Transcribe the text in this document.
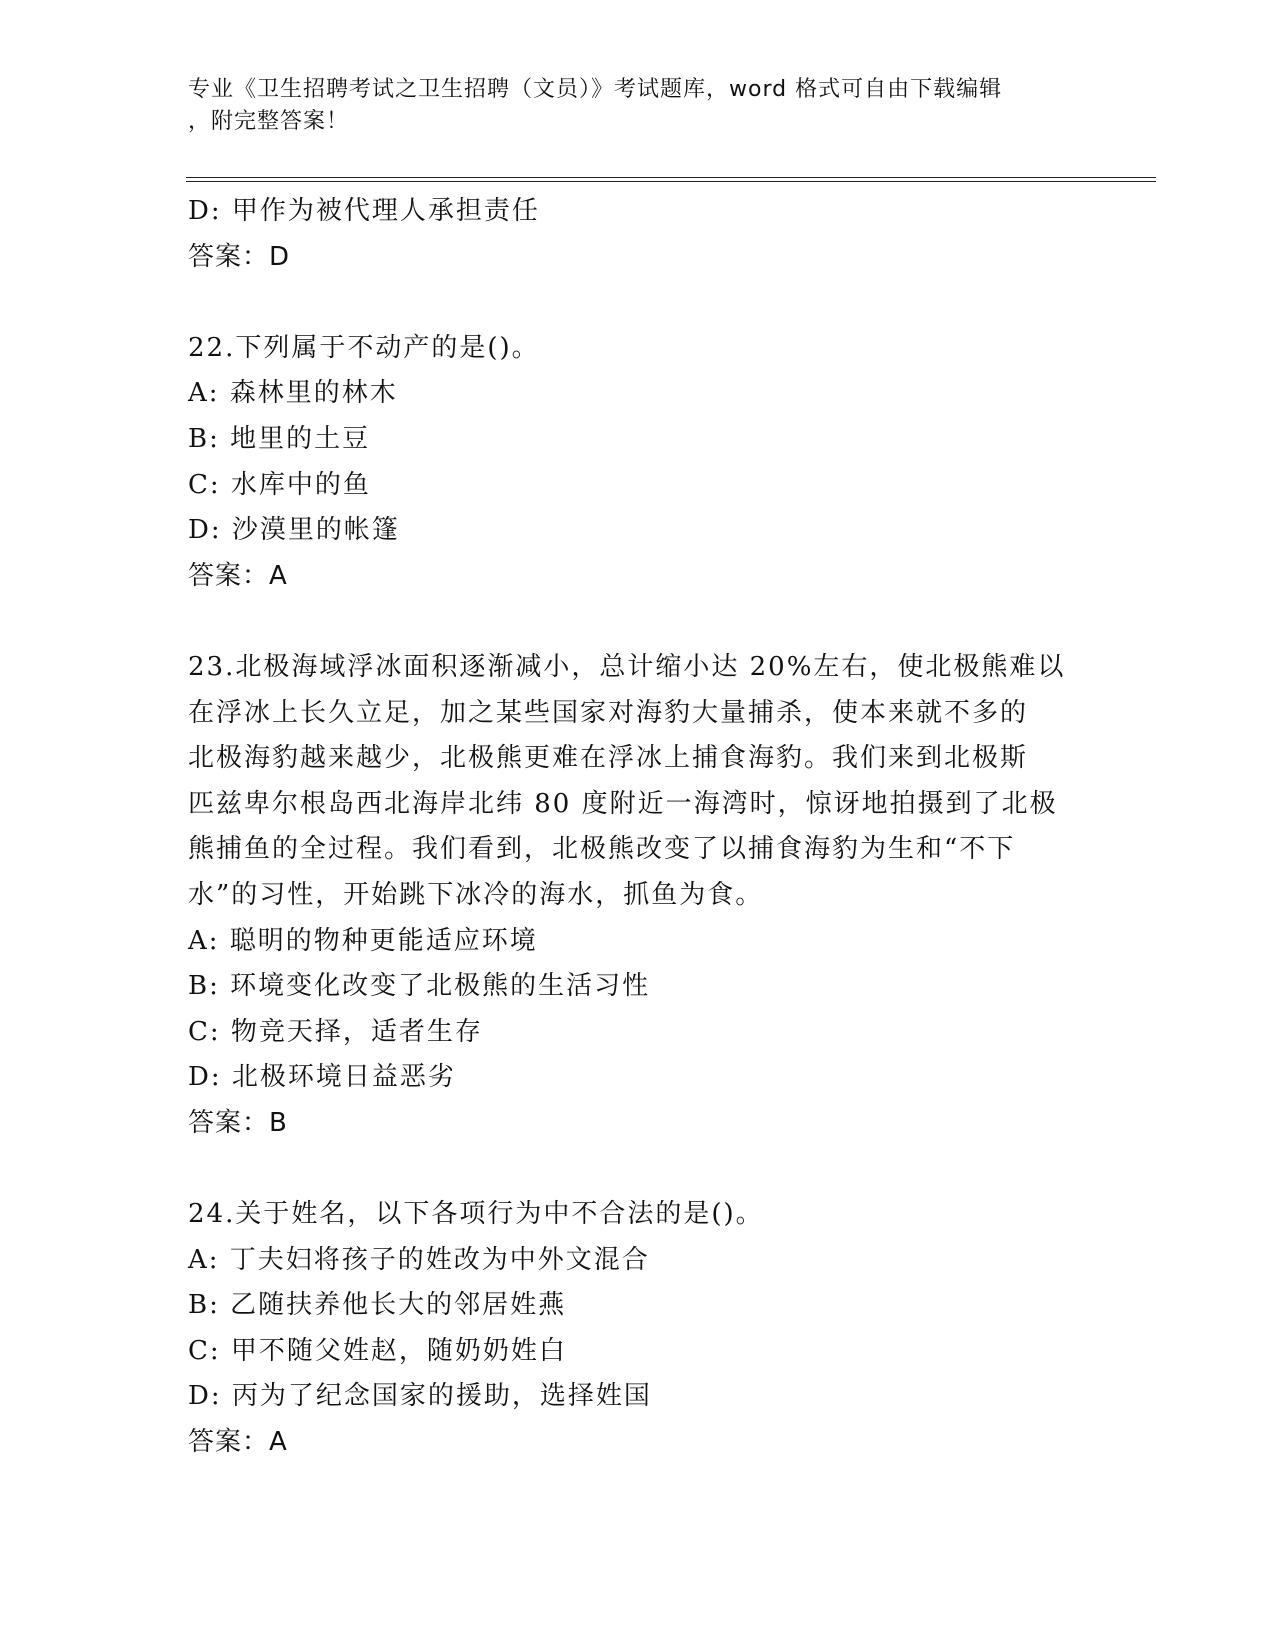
专业《卫生招聘考试之卫生招聘（文员）》考试题库，word 格式可自由下载编辑
，附完整答案！
D: 甲作为被代理人承担责任
答案：D
22.下列属于不动产的是()。
A: 森林里的林木
B: 地里的土豆
C: 水库中的鱼
D: 沙漠里的帐篷
答案：A
23.北极海域浮冰面积逐渐减小，总计缩小达 20%左右，使北极熊难以
在浮冰上长久立足，加之某些国家对海豹大量捕杀，使本来就不多的
北极海豹越来越少，北极熊更难在浮冰上捕食海豹。我们来到北极斯
匹兹卑尔根岛西北海岸北纬 80 度附近一海湾时，惊讶地拍摄到了北极
熊捕鱼的全过程。我们看到，北极熊改变了以捕食海豹为生和“不下
水”的习性，开始跳下冰冷的海水，抓鱼为食。
A: 聪明的物种更能适应环境
B: 环境变化改变了北极熊的生活习性
C: 物竞天择，适者生存
D: 北极环境日益恶劣
答案：B
24.关于姓名，以下各项行为中不合法的是()。
A: 丁夫妇将孩子的姓改为中外文混合
B: 乙随扶养他长大的邻居姓燕
C: 甲不随父姓赵，随奶奶姓白
D: 丙为了纪念国家的援助，选择姓国
答案：A
